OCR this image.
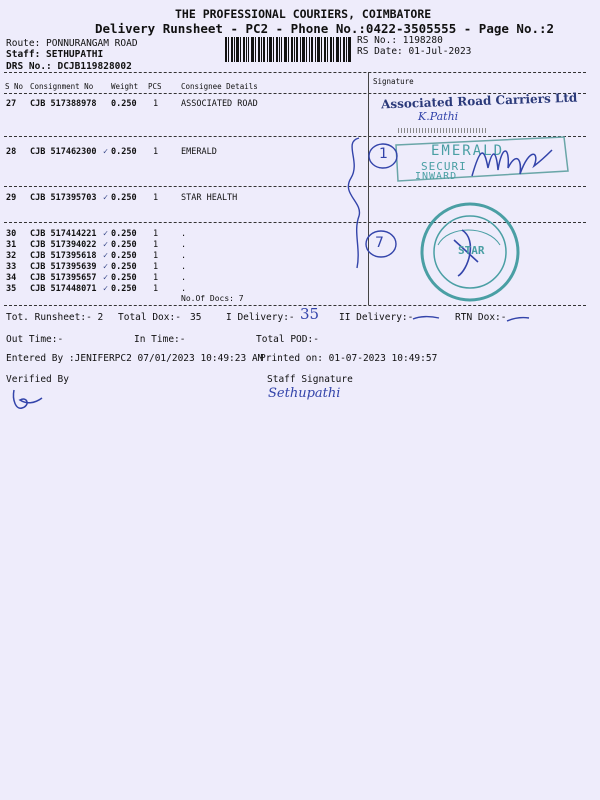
THE PROFESSIONAL COURIERS, COIMBATORE
Delivery Runsheet - PC2 - Phone No.:0422-3505555 - Page No.:2
Route: PONNURANGAM ROAD
Staff: SETHUPATHI
DRS No.: DCJB119828002
RS No.: 1198280
RS Date: 01-Jul-2023
S No Consignment No Weight PCS	Consignee Details
Signature
27 CJB 517388978 0.250 1	ASSOCIATED ROAD
28 CJB 517462300 0.250 1	EMERALD
✓
29 CJB 517395703 0.250 1	STAR HEALTH
✓
30 CJB 517414221 0.250 1	.
✓
31 CJB 517394022 0.250 1	.
✓
32 CJB 517395618 0.250 1	.
✓
33 CJB 517395639 0.250 1	.
✓
34 CJB 517395657 0.250 1	.
✓
35 CJB 517448071 0.250 1	.
✓
No.Of Docs: 7
Associated Road Carriers Ltd
K.Pathi
EMERALD
SECURI
INWARD
1
7	STAR
Tot. Runsheet:- 2 Total Dox:- 35	I Delivery:- 35 II Delivery:-	RTN Dox:-
Out Time:-	In Time:-	Total POD:-
Entered By :JENIFERPC2 07/01/2023 10:49:23 AM
Printed on: 01-07-2023 10:49:57
Verified By	Staff Signature
Sethupathi
